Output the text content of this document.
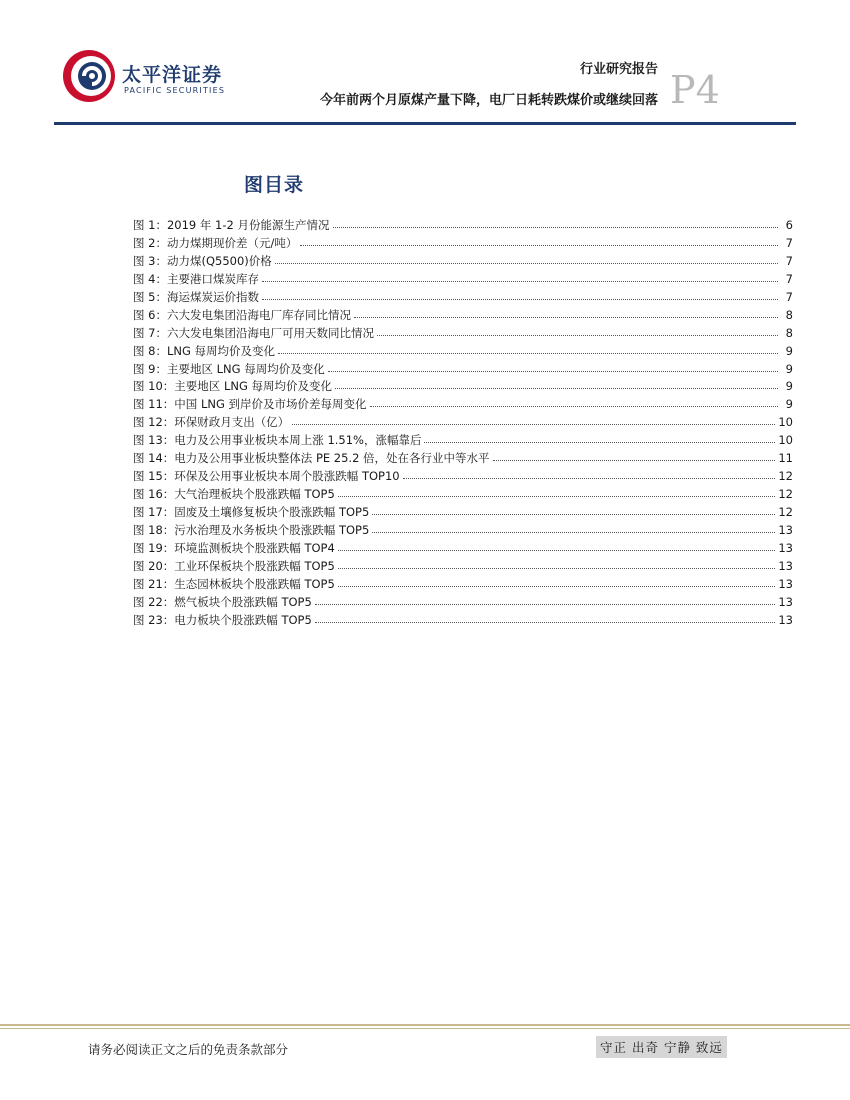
太平洋证券
PACIFIC SECURITIES
行业研究报告
今年前两个月原煤产量下降，电厂日耗转跌煤价或继续回落 P4
图目录
图 1：2019 年 1-2 月份能源生产情况	6
图 2：动力煤期现价差（元/吨）	7
图 3：动力煤(Q5500)价格	7
图 4：主要港口煤炭库存	7
图 5：海运煤炭运价指数	7
图 6：六大发电集团沿海电厂库存同比情况	8
图 7：六大发电集团沿海电厂可用天数同比情况	8
图 8：LNG 每周均价及变化	9
图 9：主要地区 LNG 每周均价及变化	9
图 10：主要地区 LNG 每周均价及变化	9
图 11：中国 LNG 到岸价及市场价差每周变化	9
图 12：环保财政月支出（亿）	10
图 13：电力及公用事业板块本周上涨 1.51%，涨幅靠后	10
图 14：电力及公用事业板块整体法 PE 25.2 倍，处在各行业中等水平	11
图 15：环保及公用事业板块本周个股涨跌幅 TOP10	12
图 16：大气治理板块个股涨跌幅 TOP5	12
图 17：固废及土壤修复板块个股涨跌幅 TOP5	12
图 18：污水治理及水务板块个股涨跌幅 TOP5	13
图 19：环境监测板块个股涨跌幅 TOP4	13
图 20：工业环保板块个股涨跌幅 TOP5	13
图 21：生态园林板块个股涨跌幅 TOP5	13
图 22：燃气板块个股涨跌幅 TOP5	13
图 23：电力板块个股涨跌幅 TOP5	13
请务必阅读正文之后的免责条款部分	守正 出奇 宁静 致远
